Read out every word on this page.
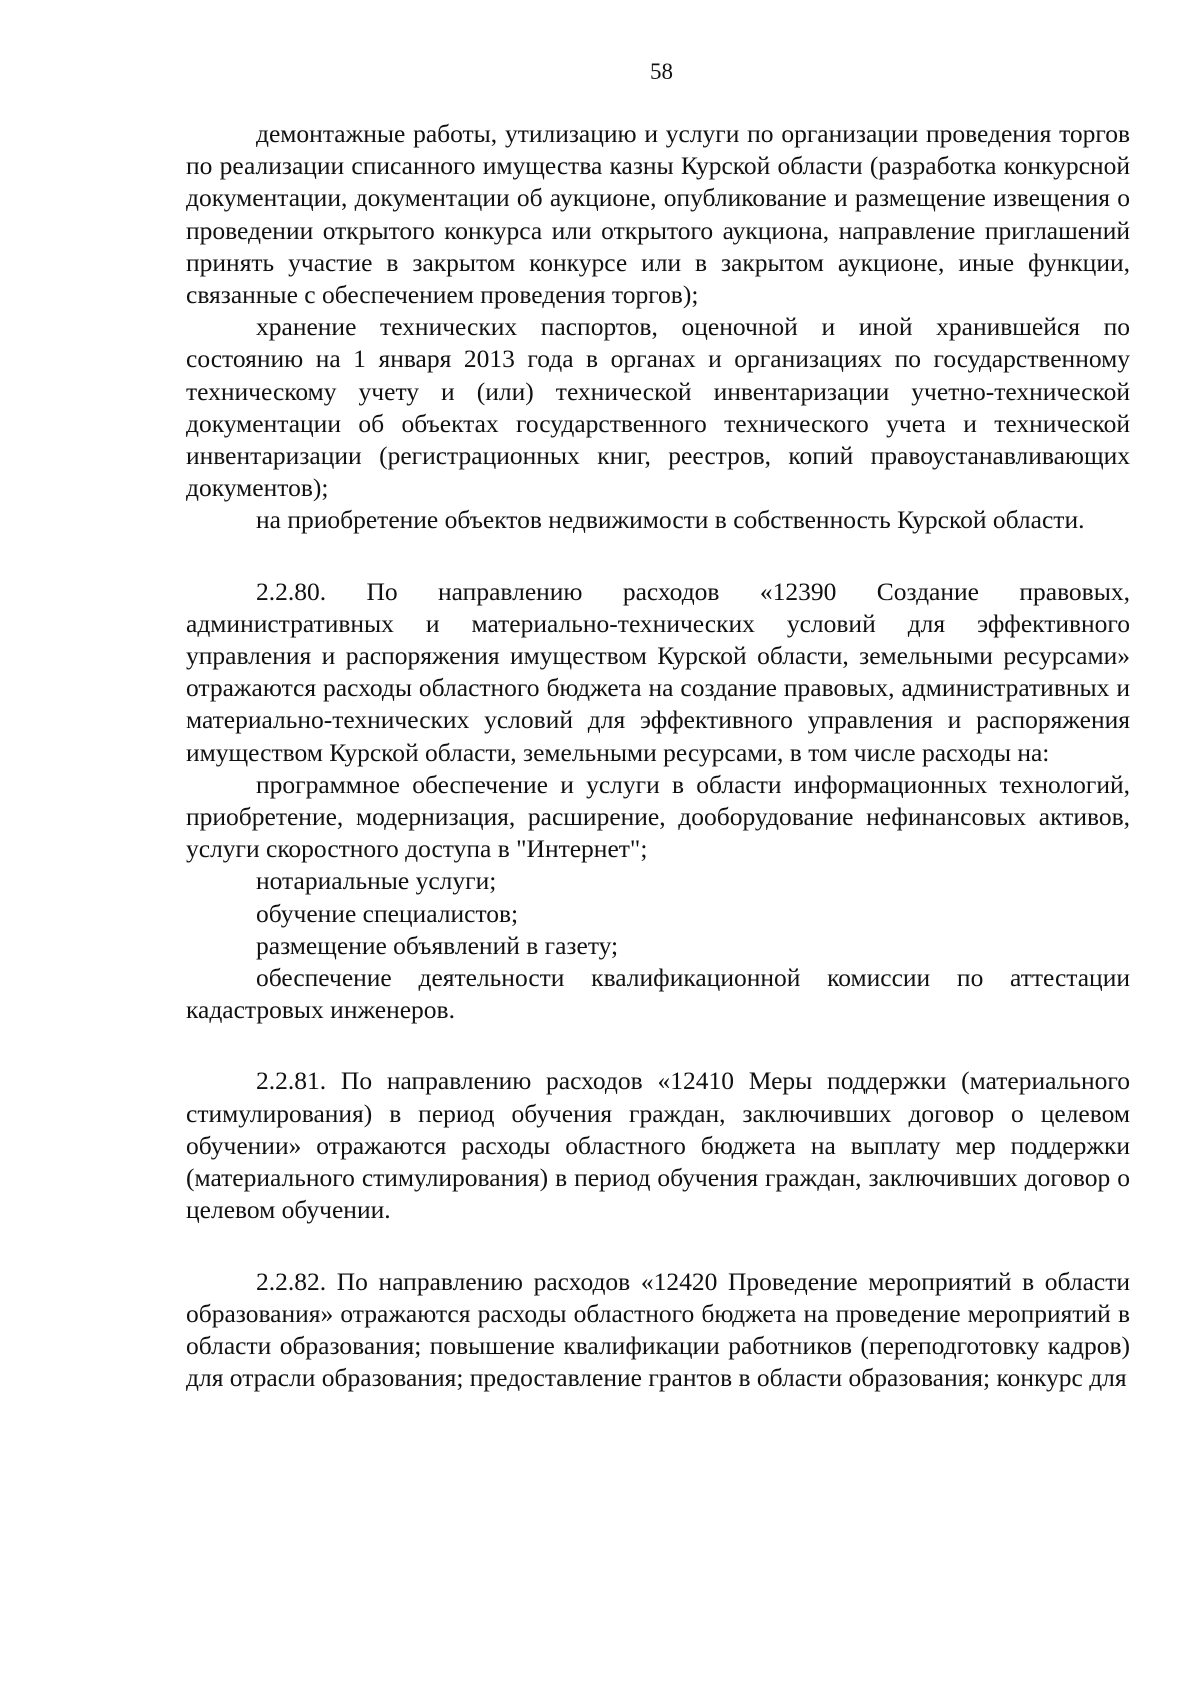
58

демонтажные работы, утилизацию и услуги по организации проведения торгов по реализации списанного имущества казны Курской области (разработка конкурсной документации, документации об аукционе, опубликование и размещение извещения о проведении открытого конкурса или открытого аукциона, направление приглашений принять участие в закрытом конкурсе или в закрытом аукционе, иные функции, связанные с обеспечением проведения торгов);

хранение технических паспортов, оценочной и иной хранившейся по состоянию на 1 января 2013 года в органах и организациях по государственному техническому учету и (или) технической инвентаризации учетно-технической документации об объектах государственного технического учета и технической инвентаризации (регистрационных книг, реестров, копий правоустанавливающих документов);

на приобретение объектов недвижимости в собственность Курской области.

2.2.80. По направлению расходов «12390 Создание правовых, административных и материально-технических условий для эффективного управления и распоряжения имуществом Курской области, земельными ресурсами» отражаются расходы областного бюджета на создание правовых, административных и материально-технических условий для эффективного управления и распоряжения имуществом Курской области, земельными ресурсами, в том числе расходы на:

программное обеспечение и услуги в области информационных технологий, приобретение, модернизация, расширение, дооборудование нефинансовых активов, услуги скоростного доступа в "Интернет";

нотариальные услуги;

обучение специалистов;

размещение объявлений в газету;

обеспечение деятельности квалификационной комиссии по аттестации кадастровых инженеров.

2.2.81. По направлению расходов «12410 Меры поддержки (материального стимулирования) в период обучения граждан, заключивших договор о целевом обучении» отражаются расходы областного бюджета на выплату мер поддержки (материального стимулирования) в период обучения граждан, заключивших договор о целевом обучении.

2.2.82. По направлению расходов «12420 Проведение мероприятий в области образования» отражаются расходы областного бюджета на проведение мероприятий в области образования; повышение квалификации работников (переподготовку кадров) для отрасли образования; предоставление грантов в области образования; конкурс для
